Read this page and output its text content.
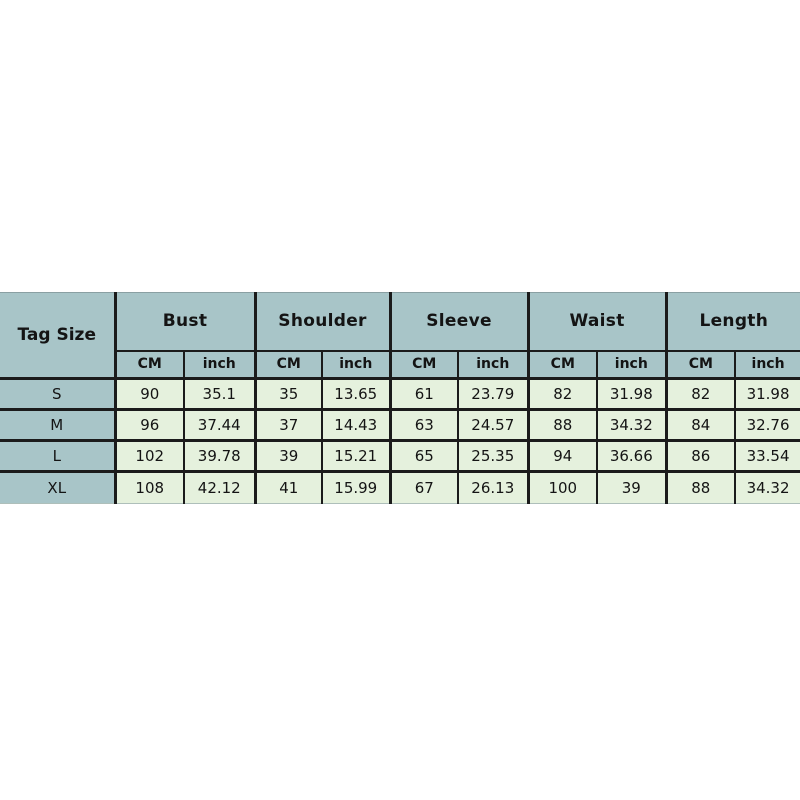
Tag Size	Bust		Shoulder		Sleeve		Waist		Length	
	CM	inch	CM	inch	CM	inch	CM	inch	CM	inch
S	90	35.1	35	13.65	61	23.79	82	31.98	82	31.98
M	96	37.44	37	14.43	63	24.57	88	34.32	84	32.76
L	102	39.78	39	15.21	65	25.35	94	36.66	86	33.54
XL	108	42.12	41	15.99	67	26.13	100	39	88	34.32
